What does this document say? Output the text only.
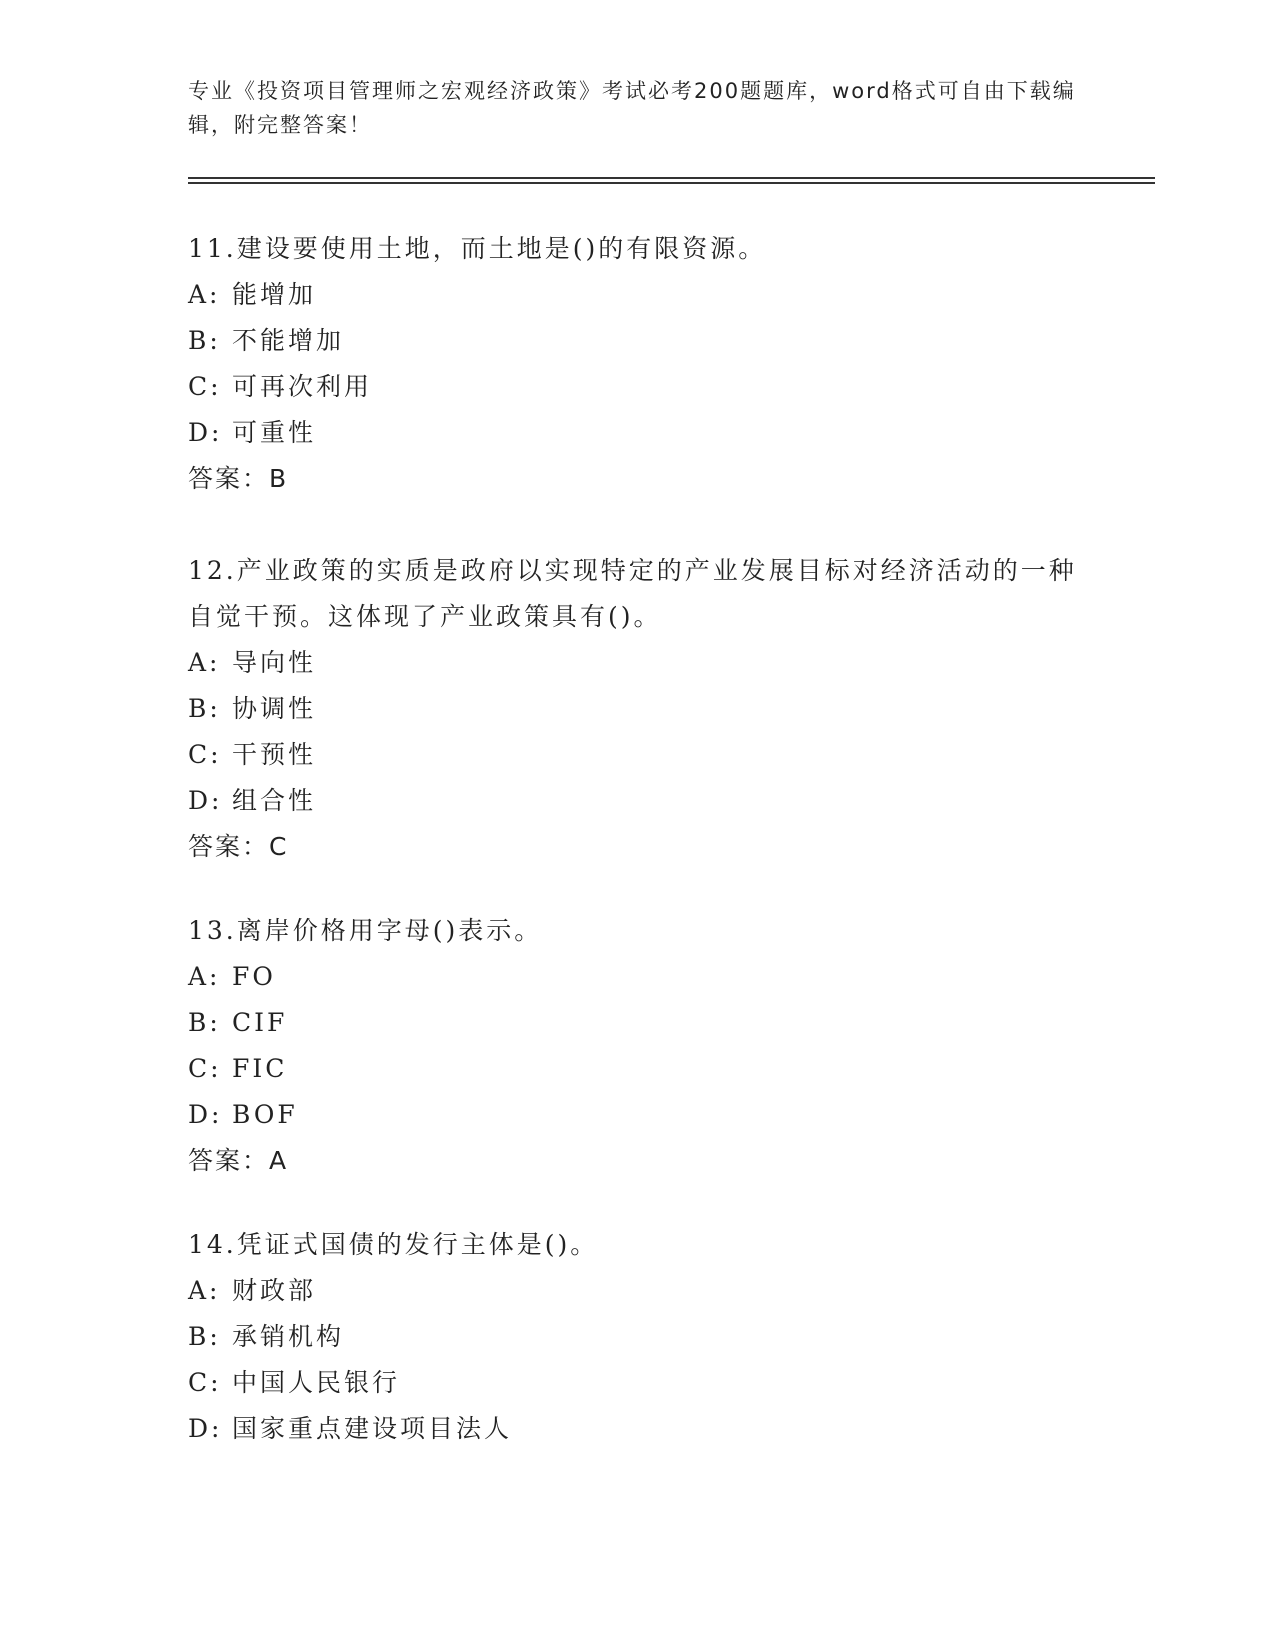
专业《投资项目管理师之宏观经济政策》考试必考200题题库，word格式可自由下载编辑，附完整答案！

11.建设要使用土地，而土地是()的有限资源。

A: 能增加

B: 不能增加

C: 可再次利用

D: 可重性

答案：B

12.产业政策的实质是政府以实现特定的产业发展目标对经济活动的一种自觉干预。这体现了产业政策具有()。

A: 导向性

B: 协调性

C: 干预性

D: 组合性

答案：C

13.离岸价格用字母()表示。

A: FO

B: CIF

C: FIC

D: BOF

答案：A

14.凭证式国债的发行主体是()。

A: 财政部

B: 承销机构

C: 中国人民银行

D: 国家重点建设项目法人
